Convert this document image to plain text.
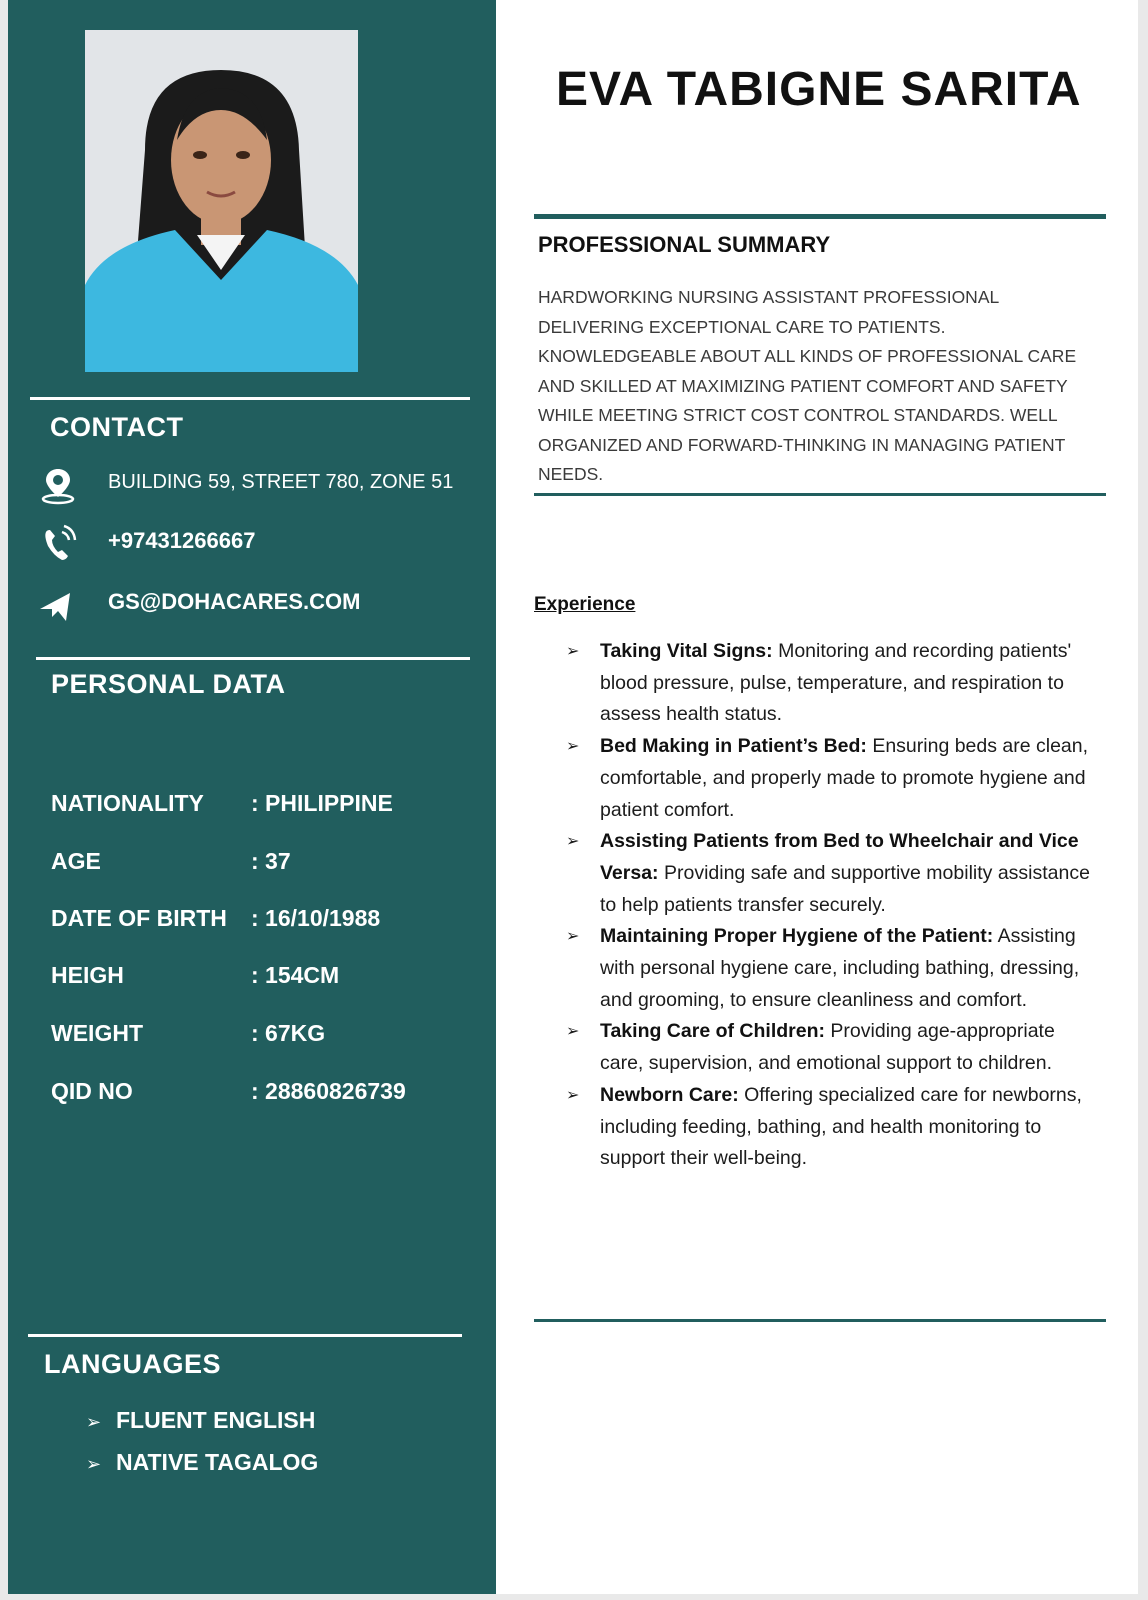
CONTACT
BUILDING 59, STREET 780, ZONE 51
+97431266667
GS@DOHACARES.COM
PERSONAL DATA
NATIONALITY : PHILIPPINE
AGE	: 37
DATE OF BIRTH : 16/10/1988
HEIGH	: 154CM
WEIGHT	: 67KG
QID NO	: 28860826739
LANGUAGES
➢ FLUENT ENGLISH
➢ NATIVE TAGALOG
EVA TABIGNE SARITA
PROFESSIONAL SUMMARY

HARDWORKING NURSING ASSISTANT PROFESSIONAL DELIVERING EXCEPTIONAL CARE TO PATIENTS. KNOWLEDGEABLE ABOUT ALL KINDS OF PROFESSIONAL CARE AND SKILLED AT MAXIMIZING PATIENT COMFORT AND SAFETY WHILE MEETING STRICT COST CONTROL STANDARDS. WELL ORGANIZED AND FORWARD-THINKING IN MANAGING PATIENT NEEDS.

Experience
➢ Taking Vital Signs: Monitoring and recording patients' blood pressure, pulse, temperature, and respiration to assess health status.
➢ Bed Making in Patient’s Bed: Ensuring beds are clean, comfortable, and properly made to promote hygiene and patient comfort.
➢ Assisting Patients from Bed to Wheelchair and Vice Versa: Providing safe and supportive mobility assistance to help patients transfer securely.
➢ Maintaining Proper Hygiene of the Patient: Assisting with personal hygiene care, including bathing, dressing, and grooming, to ensure cleanliness and comfort.
➢ Taking Care of Children: Providing age-appropriate care, supervision, and emotional support to children.
➢ Newborn Care: Offering specialized care for newborns, including feeding, bathing, and health monitoring to support their well-being.
